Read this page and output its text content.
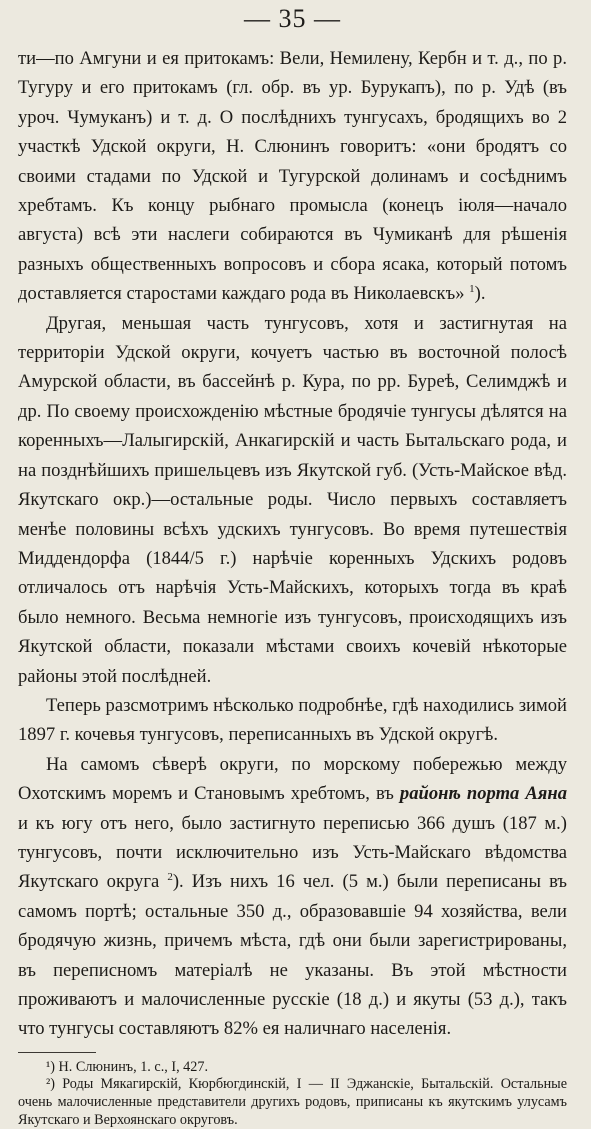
— 35 —

ти—по Амгуни и ея притокамъ: Вели, Немилену, Кербн и т. д., по р. Тугуру и его притокамъ (гл. обр. въ ур. Бурукапъ), по р. Удѣ (въ уроч. Чумуканъ) и т. д. О послѣднихъ тунгусахъ, бродящихъ во 2 участкѣ Удской округи, Н. Слюнинъ говоритъ: «они бродятъ со своими стадами по Удской и Тугурской долинамъ и сосѣднимъ хребтамъ. Къ концу рыбнаго промысла (конецъ іюля—начало августа) всѣ эти наслеги собираются въ Чумиканѣ для рѣшенія разныхъ общественныхъ вопросовъ и сбора ясака, который потомъ доставляется старостами каждаго рода въ Николаевскъ» $^1$).

Другая, меньшая часть тунгусовъ, хотя и застигнутая на территоріи Удской округи, кочуетъ частью въ восточной полосѣ Амурской области, въ бассейнѣ р. Кура, по рр. Буреѣ, Селимджѣ и др. По своему происхожденію мѣстные бродячіе тунгусы дѣлятся на коренныхъ—Лалыгирскій, Анкагирскій и часть Бытальскаго рода, и на позднѣйшихъ пришельцевъ изъ Якутской губ. (Усть-Майское вѣд. Якутскаго окр.)—остальные роды. Число первыхъ составляетъ менѣе половины всѣхъ удскихъ тунгусовъ. Во время путешествія Миддендорфа (1844/5 г.) нарѣчіе коренныхъ Удскихъ родовъ отличалось отъ нарѣчія Усть-Майскихъ, которыхъ тогда въ краѣ было немного. Весьма немногіе изъ тунгусовъ, происходящихъ изъ Якутской области, показали мѣстами своихъ кочевій нѣкоторые районы этой послѣдней.

Теперь разсмотримъ нѣсколько подробнѣе, гдѣ находились зимой 1897 г. кочевья тунгусовъ, переписанныхъ въ Удской округѣ.

На самомъ сѣверѣ округи, по морскому побережью между Охотскимъ моремъ и Становымъ хребтомъ, въ районѣ порта Аяна и къ югу отъ него, было застигнуто переписью 366 душъ (187 м.) тунгусовъ, почти исключительно изъ Усть-Майскаго вѣдомства Якутскаго округа $^2$). Изъ нихъ 16 чел. (5 м.) были переписаны въ самомъ портѣ; остальные 350 д., образовавшіе 94 хозяйства, вели бродячую жизнь, причемъ мѣста, гдѣ они были зарегистрированы, въ переписномъ матеріалѣ не указаны. Въ этой мѣстности проживаютъ и малочисленные русскіе (18 д.) и якуты (53 д.), такъ что тунгусы составляютъ 82% ея наличнаго населенія.

¹) Н. Слюнинъ, 1. с., I, 427.

²) Роды Мякагирскій, Кюрбюгдинскій, I — II Эджанскіе, Бытальскій. Остальные очень малочисленные представители другихъ родовъ, приписаны къ якутскимъ улусамъ Якутскаго и Верхоянскаго округовъ.
